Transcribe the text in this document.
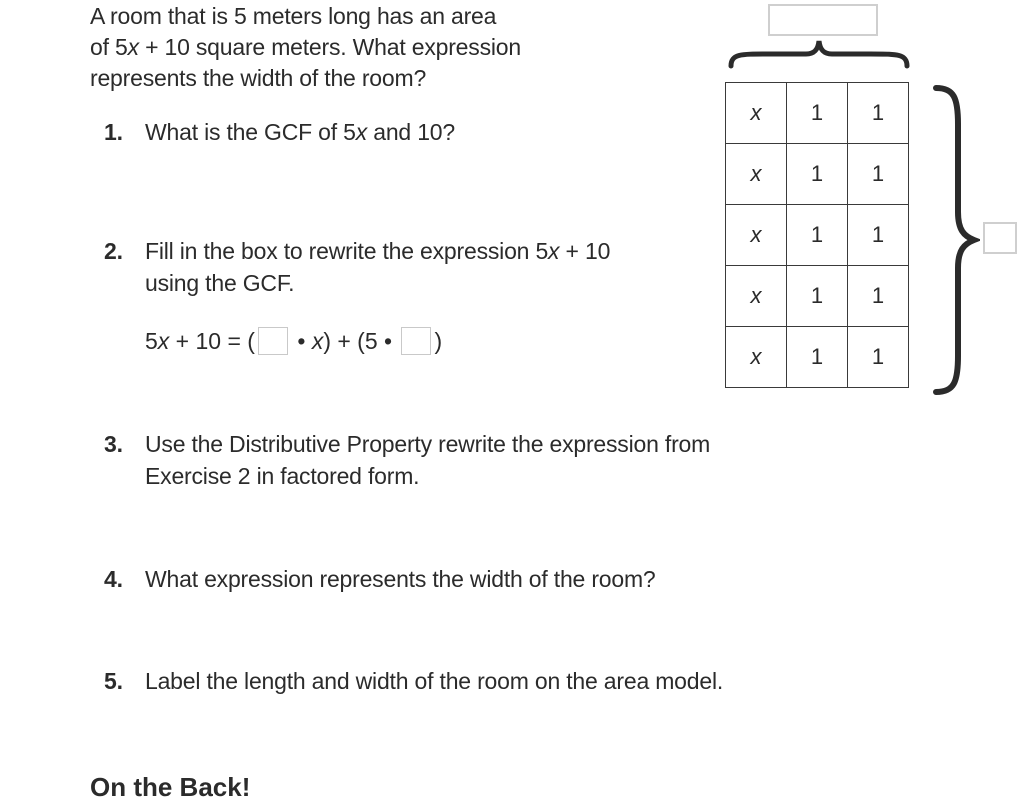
A room that is 5 meters long has an area
of 5x + 10 square meters. What expression
represents the width of the room?
1. What is the GCF of 5x and 10?
2. Fill in the box to rewrite the expression 5x + 10
using the GCF.
5 x + 10 = ( • x ) + (5 • )
3. Use the Distributive Property rewrite the expression from
Exercise 2 in factored form.
4. What expression represents the width of the room?
5. Label the length and width of the room on the area model.
x	1	1
x	1	1
x	1	1
x	1	1
x	1	1
On the Back!
